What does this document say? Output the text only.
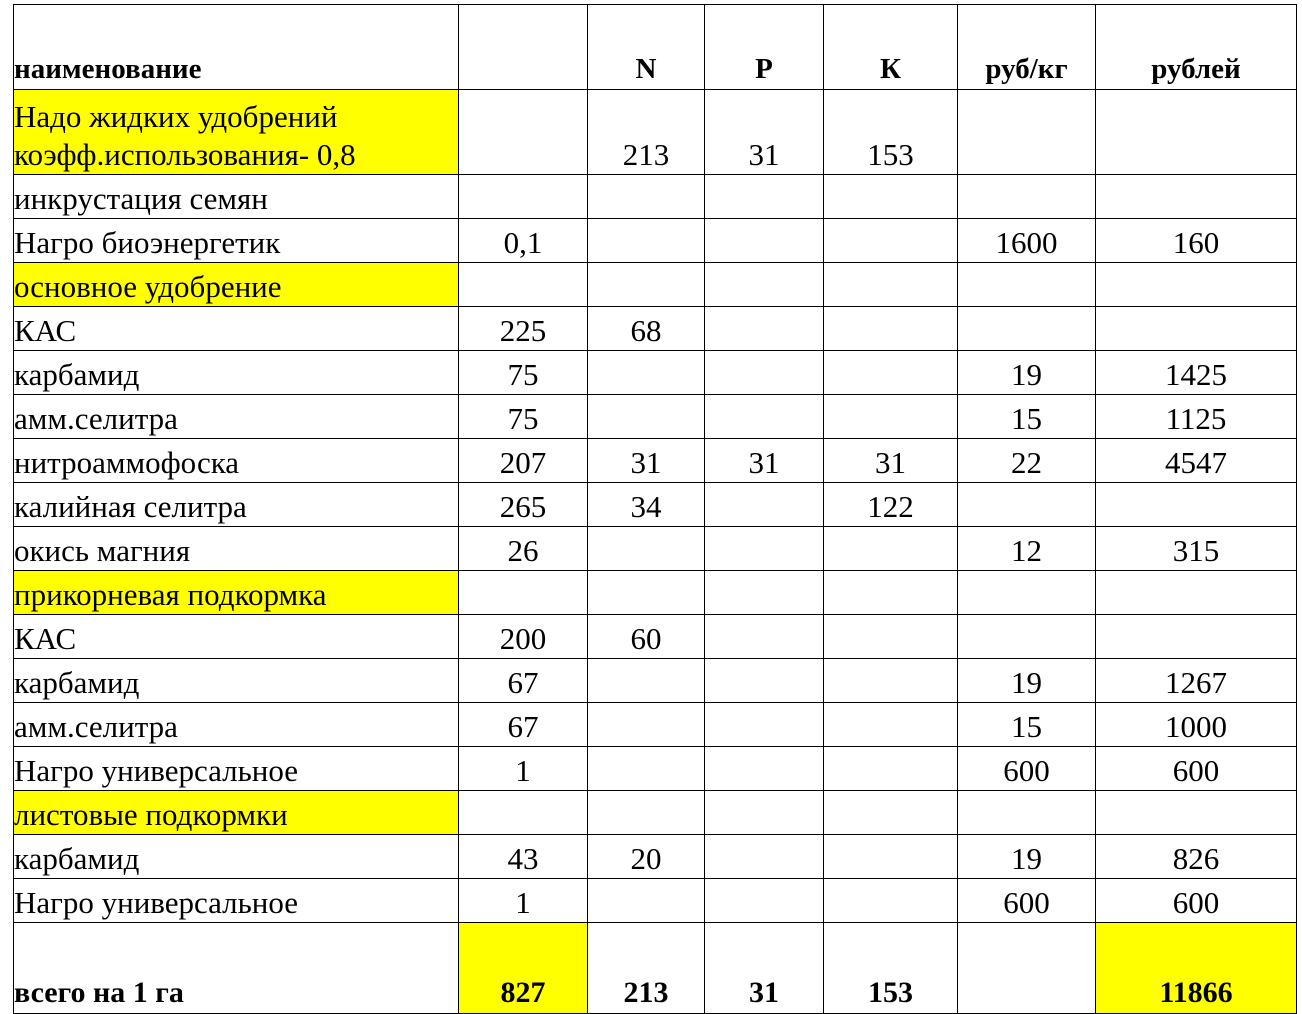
наименование		N	P	К	руб/кг	рублей

Надо жидких удобрений
коэфф.использования- 0,8		213	31	153		
инкрустация семян						
Нагро биоэнергетик	0,1				1600	160
основное удобрение						
КАС	225	68				
карбамид	75				19	1425
амм.селитра	75				15	1125
нитроаммофоска	207	31	31	31	22	4547
калийная селитра	265	34		122		
окись магния	26				12	315
прикорневая подкормка						
КАС	200	60				
карбамид	67				19	1267
амм.селитра	67				15	1000
Нагро универсальное	1				600	600
листовые подкормки						
карбамид	43	20			19	826
Нагро универсальное	1				600	600
всего на 1 га	827	213	31	153		11866
